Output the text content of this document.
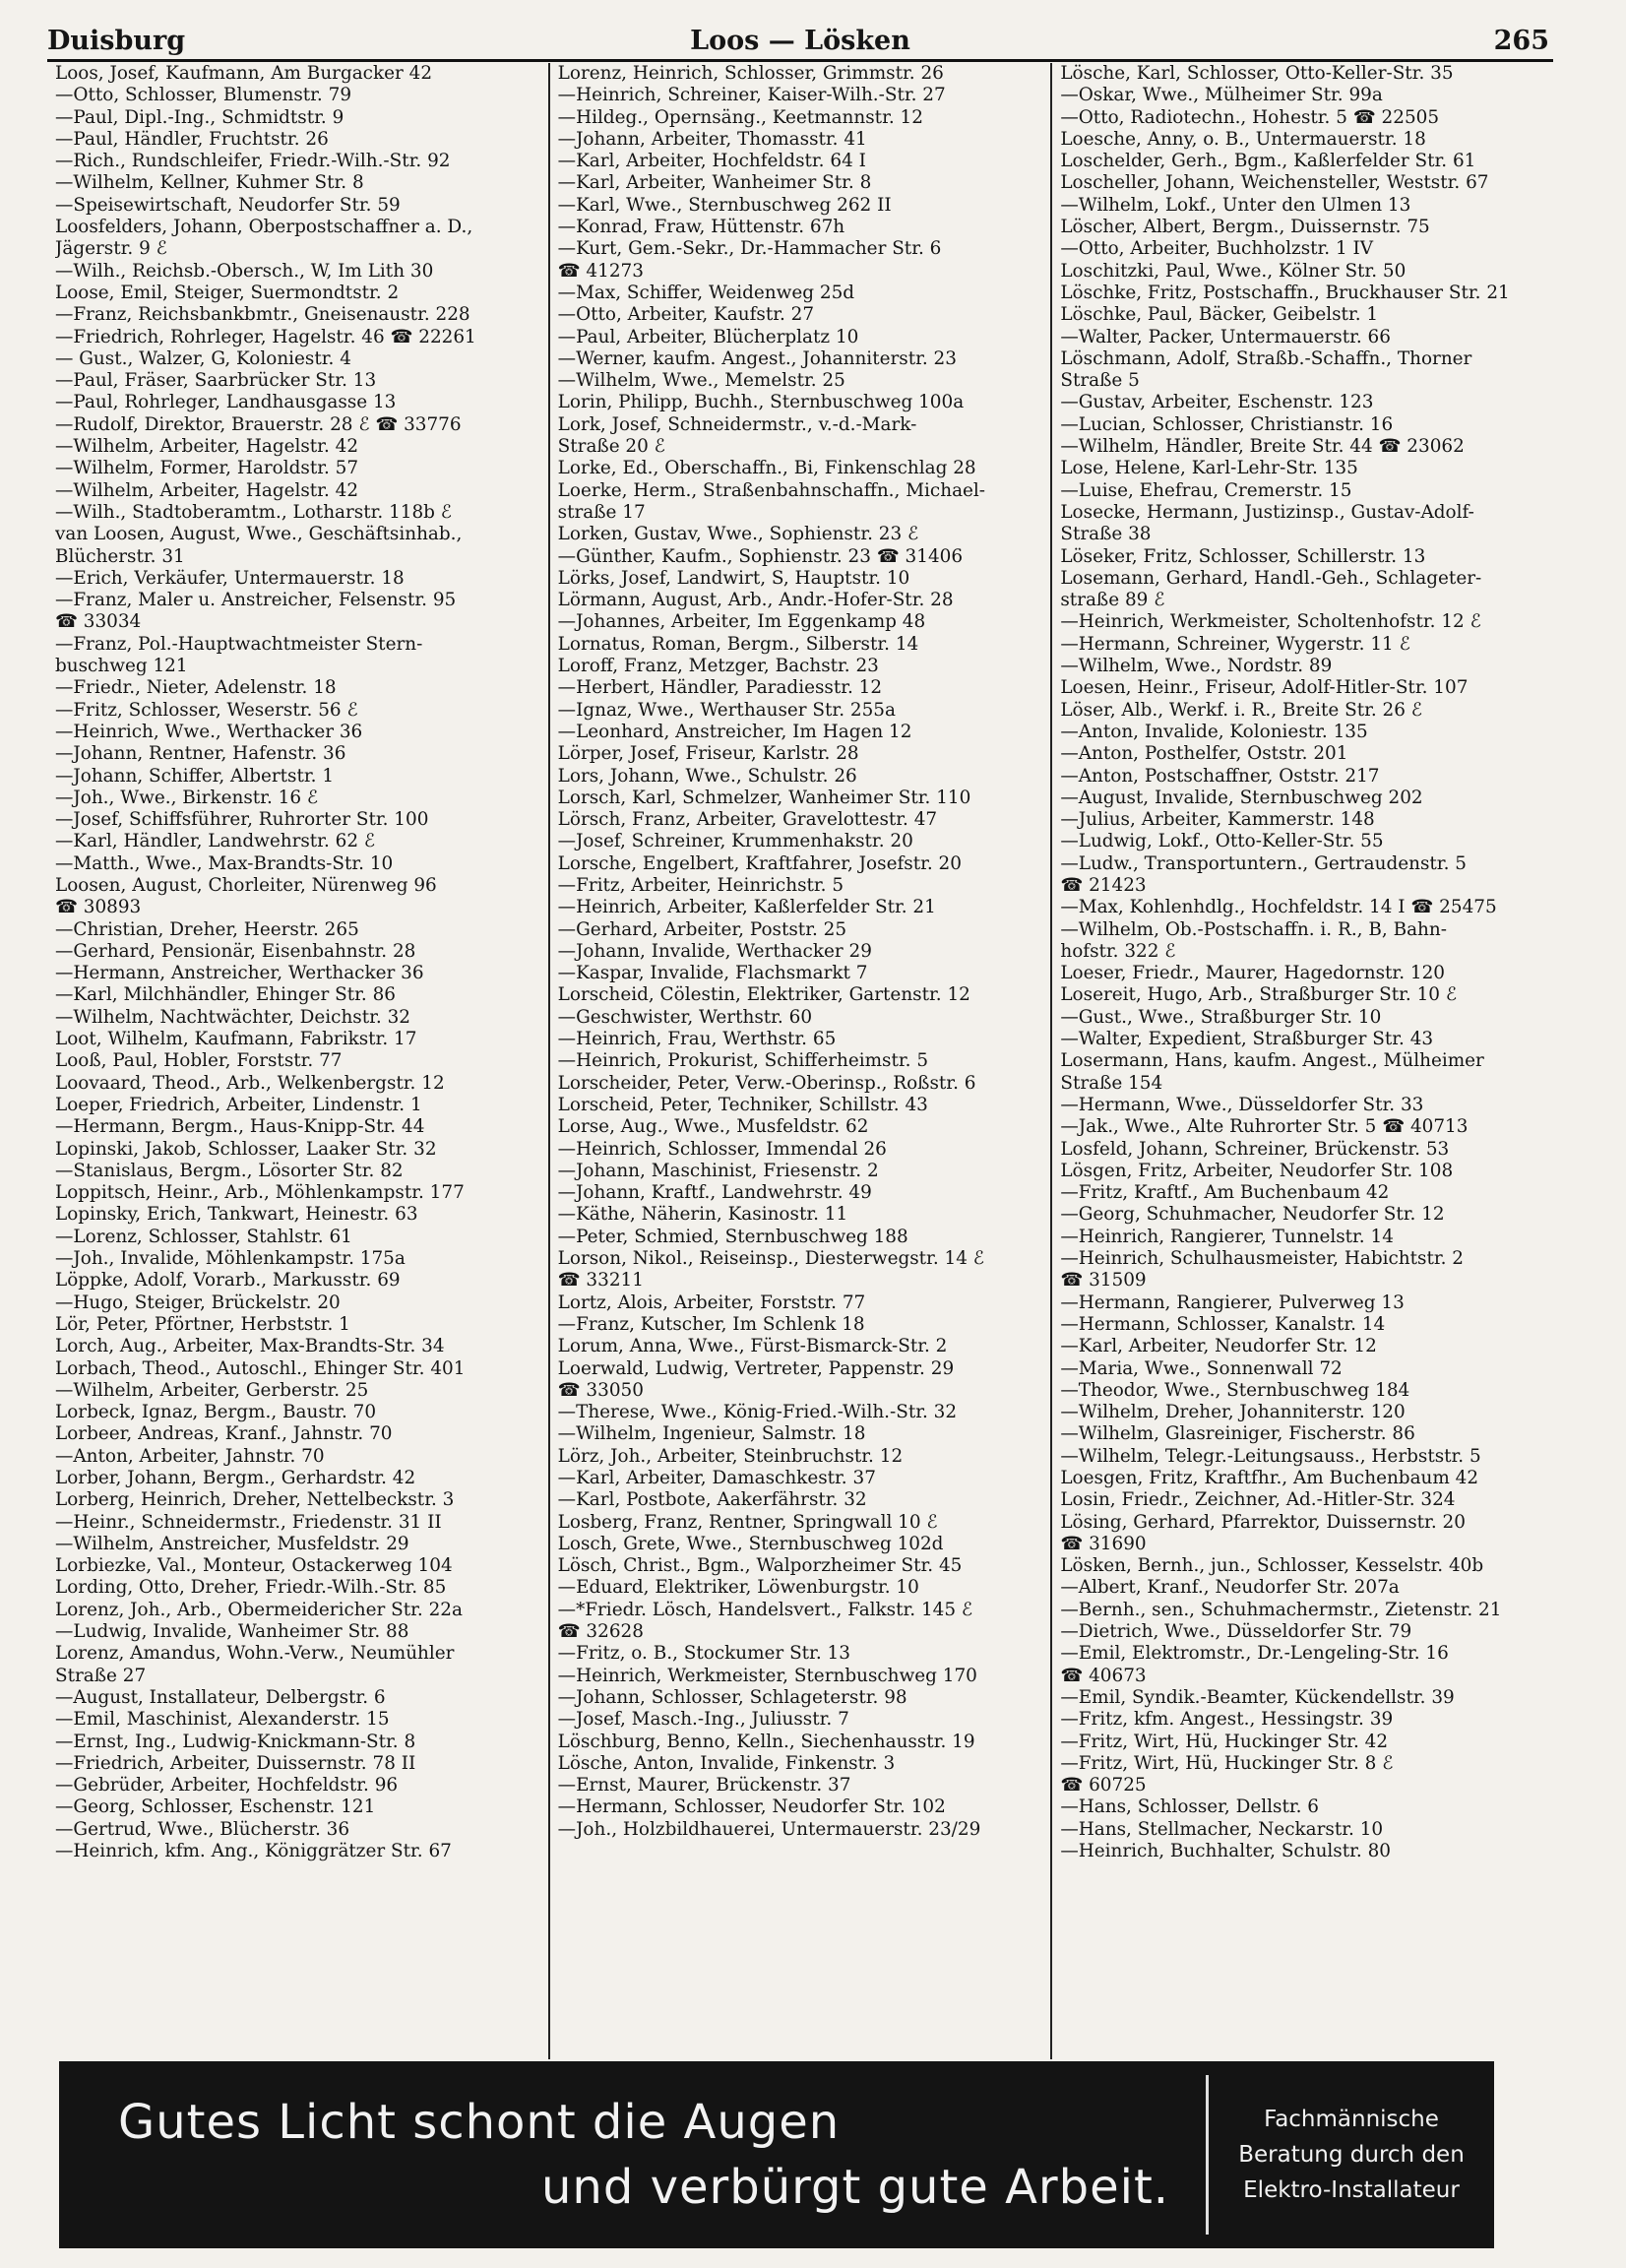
Duisburg	Loos — Lösken	265
Loos, Josef, Kaufmann, Am Burgacker 42
—Otto, Schlosser, Blumenstr. 79
—Paul, Dipl.-Ing., Schmidtstr. 9
—Paul, Händler, Fruchtstr. 26
—Rich., Rundschleifer, Friedr.-Wilh.-Str. 92
—Wilhelm, Kellner, Kuhmer Str. 8
—Speisewirtschaft, Neudorfer Str. 59
Loosfelders, Johann, Oberpostschaffner a. D.,
Jägerstr. 9 ℰ
—Wilh., Reichsb.-Obersch., W, Im Lith 30
Loose, Emil, Steiger, Suermondtstr. 2
—Franz, Reichsbankbmtr., Gneisenaustr. 228
—Friedrich, Rohrleger, Hagelstr. 46 ☎ 22261
— Gust., Walzer, G, Koloniestr. 4
—Paul, Fräser, Saarbrücker Str. 13
—Paul, Rohrleger, Landhausgasse 13
—Rudolf, Direktor, Brauerstr. 28 ℰ ☎ 33776
—Wilhelm, Arbeiter, Hagelstr. 42
—Wilhelm, Former, Haroldstr. 57
—Wilhelm, Arbeiter, Hagelstr. 42
—Wilh., Stadtoberamtm., Lotharstr. 118b ℰ
van Loosen, August, Wwe., Geschäftsinhab.,
Blücherstr. 31
—Erich, Verkäufer, Untermauerstr. 18
—Franz, Maler u. Anstreicher, Felsenstr. 95
☎ 33034
—Franz, Pol.-Hauptwachtmeister Stern-
buschweg 121
—Friedr., Nieter, Adelenstr. 18
—Fritz, Schlosser, Weserstr. 56 ℰ
—Heinrich, Wwe., Werthacker 36
—Johann, Rentner, Hafenstr. 36
—Johann, Schiffer, Albertstr. 1
—Joh., Wwe., Birkenstr. 16 ℰ
—Josef, Schiffsführer, Ruhrorter Str. 100
—Karl, Händler, Landwehrstr. 62 ℰ
—Matth., Wwe., Max-Brandts-Str. 10
Loosen, August, Chorleiter, Nürenweg 96
☎ 30893
—Christian, Dreher, Heerstr. 265
—Gerhard, Pensionär, Eisenbahnstr. 28
—Hermann, Anstreicher, Werthacker 36
—Karl, Milchhändler, Ehinger Str. 86
—Wilhelm, Nachtwächter, Deichstr. 32
Loot, Wilhelm, Kaufmann, Fabrikstr. 17
Looß, Paul, Hobler, Forststr. 77
Loovaard, Theod., Arb., Welkenbergstr. 12
Loeper, Friedrich, Arbeiter, Lindenstr. 1
—Hermann, Bergm., Haus-Knipp-Str. 44
Lopinski, Jakob, Schlosser, Laaker Str. 32
—Stanislaus, Bergm., Lösorter Str. 82
Loppitsch, Heinr., Arb., Möhlenkampstr. 177
Lopinsky, Erich, Tankwart, Heinestr. 63
—Lorenz, Schlosser, Stahlstr. 61
—Joh., Invalide, Möhlenkampstr. 175a
Löppke, Adolf, Vorarb., Markusstr. 69
—Hugo, Steiger, Brückelstr. 20
Lör, Peter, Pförtner, Herbststr. 1
Lorch, Aug., Arbeiter, Max-Brandts-Str. 34
Lorbach, Theod., Autoschl., Ehinger Str. 401
—Wilhelm, Arbeiter, Gerberstr. 25
Lorbeck, Ignaz, Bergm., Baustr. 70
Lorbeer, Andreas, Kranf., Jahnstr. 70
—Anton, Arbeiter, Jahnstr. 70
Lorber, Johann, Bergm., Gerhardstr. 42
Lorberg, Heinrich, Dreher, Nettelbeckstr. 3
—Heinr., Schneidermstr., Friedenstr. 31 II
—Wilhelm, Anstreicher, Musfeldstr. 29
Lorbiezke, Val., Monteur, Ostackerweg 104
Lording, Otto, Dreher, Friedr.-Wilh.-Str. 85
Lorenz, Joh., Arb., Obermeidericher Str. 22a
—Ludwig, Invalide, Wanheimer Str. 88
Lorenz, Amandus, Wohn.-Verw., Neumühler
Straße 27
—August, Installateur, Delbergstr. 6
—Emil, Maschinist, Alexanderstr. 15
—Ernst, Ing., Ludwig-Knickmann-Str. 8
—Friedrich, Arbeiter, Duissernstr. 78 II
—Gebrüder, Arbeiter, Hochfeldstr. 96
—Georg, Schlosser, Eschenstr. 121
—Gertrud, Wwe., Blücherstr. 36
—Heinrich, kfm. Ang., Königgrätzer Str. 67
Lorenz, Heinrich, Schlosser, Grimmstr. 26
—Heinrich, Schreiner, Kaiser-Wilh.-Str. 27
—Hildeg., Opernsäng., Keetmannstr. 12
—Johann, Arbeiter, Thomasstr. 41
—Karl, Arbeiter, Hochfeldstr. 64 I
—Karl, Arbeiter, Wanheimer Str. 8
—Karl, Wwe., Sternbuschweg 262 II
—Konrad, Fraw, Hüttenstr. 67h
—Kurt, Gem.-Sekr., Dr.-Hammacher Str. 6
☎ 41273
—Max, Schiffer, Weidenweg 25d
—Otto, Arbeiter, Kaufstr. 27
—Paul, Arbeiter, Blücherplatz 10
—Werner, kaufm. Angest., Johanniterstr. 23
—Wilhelm, Wwe., Memelstr. 25
Lorin, Philipp, Buchh., Sternbuschweg 100a
Lork, Josef, Schneidermstr., v.-d.-Mark-
Straße 20 ℰ
Lorke, Ed., Oberschaffn., Bi, Finkenschlag 28
Loerke, Herm., Straßenbahnschaffn., Michael-
straße 17
Lorken, Gustav, Wwe., Sophienstr. 23 ℰ
—Günther, Kaufm., Sophienstr. 23 ☎ 31406
Lörks, Josef, Landwirt, S, Hauptstr. 10
Lörmann, August, Arb., Andr.-Hofer-Str. 28
—Johannes, Arbeiter, Im Eggenkamp 48
Lornatus, Roman, Bergm., Silberstr. 14
Loroff, Franz, Metzger, Bachstr. 23
—Herbert, Händler, Paradiesstr. 12
—Ignaz, Wwe., Werthauser Str. 255a
—Leonhard, Anstreicher, Im Hagen 12
Lörper, Josef, Friseur, Karlstr. 28
Lors, Johann, Wwe., Schulstr. 26
Lorsch, Karl, Schmelzer, Wanheimer Str. 110
Lörsch, Franz, Arbeiter, Gravelottestr. 47
—Josef, Schreiner, Krummenhakstr. 20
Lorsche, Engelbert, Kraftfahrer, Josefstr. 20
—Fritz, Arbeiter, Heinrichstr. 5
—Heinrich, Arbeiter, Kaßlerfelder Str. 21
—Gerhard, Arbeiter, Poststr. 25
—Johann, Invalide, Werthacker 29
—Kaspar, Invalide, Flachsmarkt 7
Lorscheid, Cölestin, Elektriker, Gartenstr. 12
—Geschwister, Werthstr. 60
—Heinrich, Frau, Werthstr. 65
—Heinrich, Prokurist, Schifferheimstr. 5
Lorscheider, Peter, Verw.-Oberinsp., Roßstr. 6
Lorscheid, Peter, Techniker, Schillstr. 43
Lorse, Aug., Wwe., Musfeldstr. 62
—Heinrich, Schlosser, Immendal 26
—Johann, Maschinist, Friesenstr. 2
—Johann, Kraftf., Landwehrstr. 49
—Käthe, Näherin, Kasinostr. 11
—Peter, Schmied, Sternbuschweg 188
Lorson, Nikol., Reiseinsp., Diesterwegstr. 14 ℰ
☎ 33211
Lortz, Alois, Arbeiter, Forststr. 77
—Franz, Kutscher, Im Schlenk 18
Lorum, Anna, Wwe., Fürst-Bismarck-Str. 2
Loerwald, Ludwig, Vertreter, Pappenstr. 29
☎ 33050
—Therese, Wwe., König-Fried.-Wilh.-Str. 32
—Wilhelm, Ingenieur, Salmstr. 18
Lörz, Joh., Arbeiter, Steinbruchstr. 12
—Karl, Arbeiter, Damaschkestr. 37
—Karl, Postbote, Aakerfährstr. 32
Losberg, Franz, Rentner, Springwall 10 ℰ
Losch, Grete, Wwe., Sternbuschweg 102d
Lösch, Christ., Bgm., Walporzheimer Str. 45
—Eduard, Elektriker, Löwenburgstr. 10
—*Friedr. Lösch, Handelsvert., Falkstr. 145 ℰ
☎ 32628
—Fritz, o. B., Stockumer Str. 13
—Heinrich, Werkmeister, Sternbuschweg 170
—Johann, Schlosser, Schlageterstr. 98
—Josef, Masch.-Ing., Juliusstr. 7
Löschburg, Benno, Kelln., Siechenhausstr. 19
Lösche, Anton, Invalide, Finkenstr. 3
—Ernst, Maurer, Brückenstr. 37
—Hermann, Schlosser, Neudorfer Str. 102
—Joh., Holzbildhauerei, Untermauerstr. 23/29
Lösche, Karl, Schlosser, Otto-Keller-Str. 35
—Oskar, Wwe., Mülheimer Str. 99a
—Otto, Radiotechn., Hohestr. 5 ☎ 22505
Loesche, Anny, o. B., Untermauerstr. 18
Loschelder, Gerh., Bgm., Kaßlerfelder Str. 61
Loscheller, Johann, Weichensteller, Weststr. 67
—Wilhelm, Lokf., Unter den Ulmen 13
Löscher, Albert, Bergm., Duissernstr. 75
—Otto, Arbeiter, Buchholzstr. 1 IV
Loschitzki, Paul, Wwe., Kölner Str. 50
Löschke, Fritz, Postschaffn., Bruckhauser Str. 21
Löschke, Paul, Bäcker, Geibelstr. 1
—Walter, Packer, Untermauerstr. 66
Löschmann, Adolf, Straßb.-Schaffn., Thorner
Straße 5
—Gustav, Arbeiter, Eschenstr. 123
—Lucian, Schlosser, Christianstr. 16
—Wilhelm, Händler, Breite Str. 44 ☎ 23062
Lose, Helene, Karl-Lehr-Str. 135
—Luise, Ehefrau, Cremerstr. 15
Losecke, Hermann, Justizinsp., Gustav-Adolf-
Straße 38
Löseker, Fritz, Schlosser, Schillerstr. 13
Losemann, Gerhard, Handl.-Geh., Schlageter-
straße 89 ℰ
—Heinrich, Werkmeister, Scholtenhofstr. 12 ℰ
—Hermann, Schreiner, Wygerstr. 11 ℰ
—Wilhelm, Wwe., Nordstr. 89
Loesen, Heinr., Friseur, Adolf-Hitler-Str. 107
Löser, Alb., Werkf. i. R., Breite Str. 26 ℰ
—Anton, Invalide, Koloniestr. 135
—Anton, Posthelfer, Oststr. 201
—Anton, Postschaffner, Oststr. 217
—August, Invalide, Sternbuschweg 202
—Julius, Arbeiter, Kammerstr. 148
—Ludwig, Lokf., Otto-Keller-Str. 55
—Ludw., Transportuntern., Gertraudenstr. 5
☎ 21423
—Max, Kohlenhdlg., Hochfeldstr. 14 I ☎ 25475
—Wilhelm, Ob.-Postschaffn. i. R., B, Bahn-
hofstr. 322 ℰ
Loeser, Friedr., Maurer, Hagedornstr. 120
Losereit, Hugo, Arb., Straßburger Str. 10 ℰ
—Gust., Wwe., Straßburger Str. 10
—Walter, Expedient, Straßburger Str. 43
Losermann, Hans, kaufm. Angest., Mülheimer
Straße 154
—Hermann, Wwe., Düsseldorfer Str. 33
—Jak., Wwe., Alte Ruhrorter Str. 5 ☎ 40713
Losfeld, Johann, Schreiner, Brückenstr. 53
Lösgen, Fritz, Arbeiter, Neudorfer Str. 108
—Fritz, Kraftf., Am Buchenbaum 42
—Georg, Schuhmacher, Neudorfer Str. 12
—Heinrich, Rangierer, Tunnelstr. 14
—Heinrich, Schulhausmeister, Habichtstr. 2
☎ 31509
—Hermann, Rangierer, Pulverweg 13
—Hermann, Schlosser, Kanalstr. 14
—Karl, Arbeiter, Neudorfer Str. 12
—Maria, Wwe., Sonnenwall 72
—Theodor, Wwe., Sternbuschweg 184
—Wilhelm, Dreher, Johanniterstr. 120
—Wilhelm, Glasreiniger, Fischerstr. 86
—Wilhelm, Telegr.-Leitungsauss., Herbststr. 5
Loesgen, Fritz, Kraftfhr., Am Buchenbaum 42
Losin, Friedr., Zeichner, Ad.-Hitler-Str. 324
Lösing, Gerhard, Pfarrektor, Duissernstr. 20
☎ 31690
Lösken, Bernh., jun., Schlosser, Kesselstr. 40b
—Albert, Kranf., Neudorfer Str. 207a
—Bernh., sen., Schuhmachermstr., Zietenstr. 21
—Dietrich, Wwe., Düsseldorfer Str. 79
—Emil, Elektromstr., Dr.-Lengeling-Str. 16
☎ 40673
—Emil, Syndik.-Beamter, Kückendellstr. 39
—Fritz, kfm. Angest., Hessingstr. 39
—Fritz, Wirt, Hü, Huckinger Str. 42
—Fritz, Wirt, Hü, Huckinger Str. 8 ℰ
☎ 60725
—Hans, Schlosser, Dellstr. 6
—Hans, Stellmacher, Neckarstr. 10
—Heinrich, Buchhalter, Schulstr. 80
Gutes Licht schont die Augen
und verbürgt gute Arbeit.
Fachmännische
Beratung durch den
Elektro-Installateur
